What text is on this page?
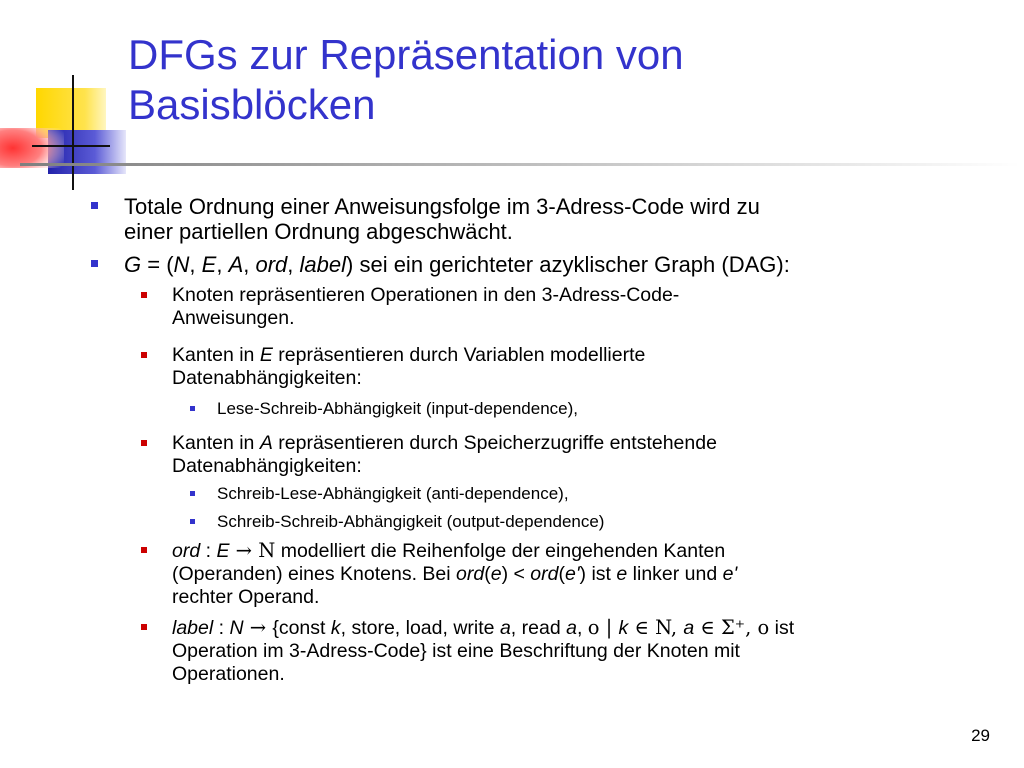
DFGs zur Repräsentation von
Basisblöcken
Totale Ordnung einer Anweisungsfolge im 3-Adress-Code wird zu
einer partiellen Ordnung abgeschwächt.
G = (N, E, A, ord, label) sei ein gerichteter azyklischer Graph (DAG):
Knoten repräsentieren Operationen in den 3-Adress-Code-
Anweisungen.
Kanten in E repräsentieren durch Variablen modellierte
Datenabhängigkeiten:
Lese-Schreib-Abhängigkeit (input-dependence),
Kanten in A repräsentieren durch Speicherzugriffe entstehende
Datenabhängigkeiten:
Schreib-Lese-Abhängigkeit (anti-dependence),
Schreib-Schreib-Abhängigkeit (output-dependence)
ord : E → N modelliert die Reihenfolge der eingehenden Kanten
(Operanden) eines Knotens. Bei ord(e) < ord(e') ist e linker und e'
rechter Operand.
label : N → {const k, store, load, write a, read a, ο | k ∈ N, a ∈ Σ⁺, ο ist
Operation im 3-Adress-Code} ist eine Beschriftung der Knoten mit
Operationen.
29
